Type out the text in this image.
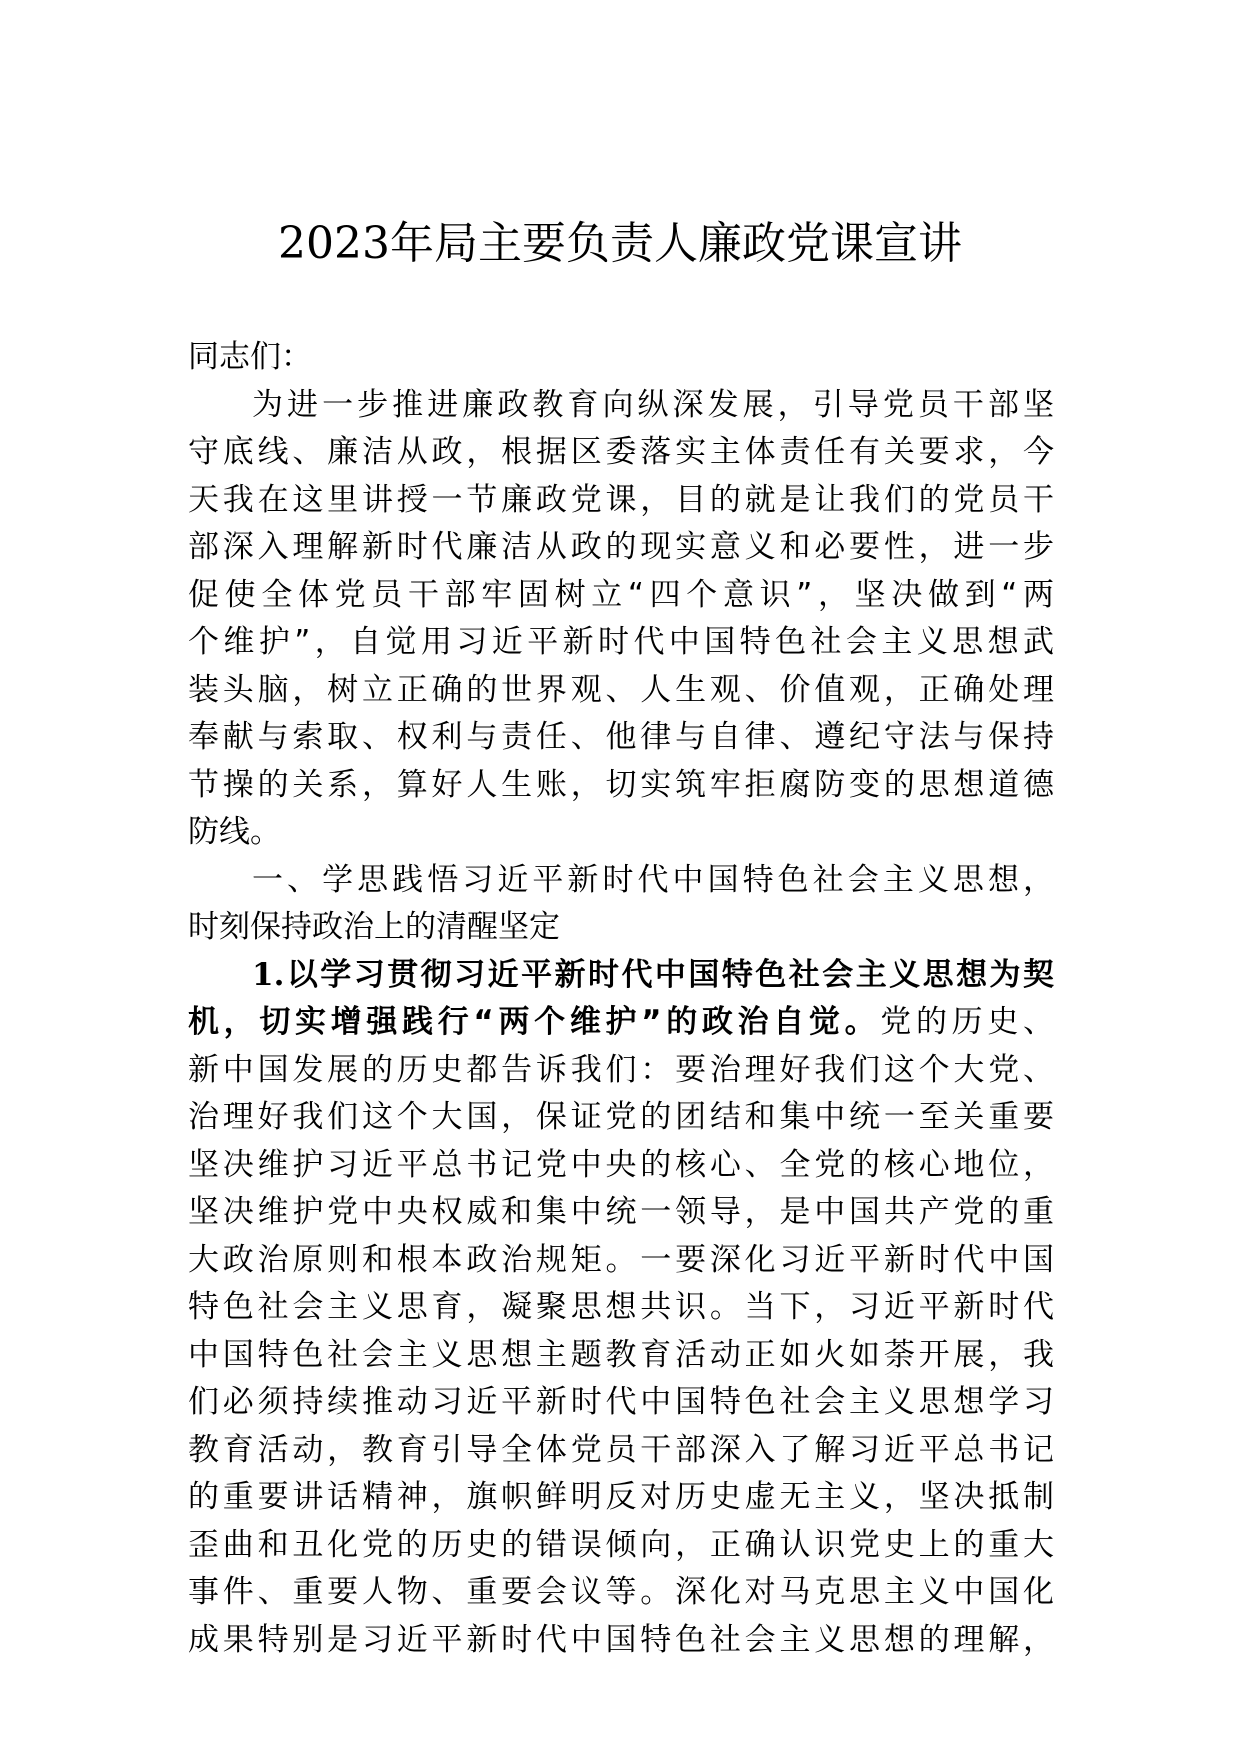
2023年局主要负责人廉政党课宣讲
同志们：
为进一步推进廉政教育向纵深发展，引导党员干部坚
守底线、廉洁从政，根据区委落实主体责任有关要求，今
天我在这里讲授一节廉政党课，目的就是让我们的党员干
部深入理解新时代廉洁从政的现实意义和必要性，进一步
促使全体党员干部牢固树立“四个意识”，坚决做到“两
个维护”，自觉用习近平新时代中国特色社会主义思想武
装头脑，树立正确的世界观、人生观、价值观，正确处理
奉献与索取、权利与责任、他律与自律、遵纪守法与保持
节操的关系，算好人生账，切实筑牢拒腐防变的思想道德
防线。
一、学思践悟习近平新时代中国特色社会主义思想，
时刻保持政治上的清醒坚定
1.以学习贯彻习近平新时代中国特色社会主义思想为契
机，切实增强践行“两个维护”的政治自觉。党的历史、
新中国发展的历史都告诉我们：要治理好我们这个大党、
治理好我们这个大国，保证党的团结和集中统一至关重要
坚决维护习近平总书记党中央的核心、全党的核心地位，
坚决维护党中央权威和集中统一领导，是中国共产党的重
大政治原则和根本政治规矩。一要深化习近平新时代中国
特色社会主义思育，凝聚思想共识。当下，习近平新时代
中国特色社会主义思想主题教育活动正如火如荼开展，我
们必须持续推动习近平新时代中国特色社会主义思想学习
教育活动，教育引导全体党员干部深入了解习近平总书记
的重要讲话精神，旗帜鲜明反对历史虚无主义，坚决抵制
歪曲和丑化党的历史的错误倾向，正确认识党史上的重大
事件、重要人物、重要会议等。深化对马克思主义中国化
成果特别是习近平新时代中国特色社会主义思想的理解，
